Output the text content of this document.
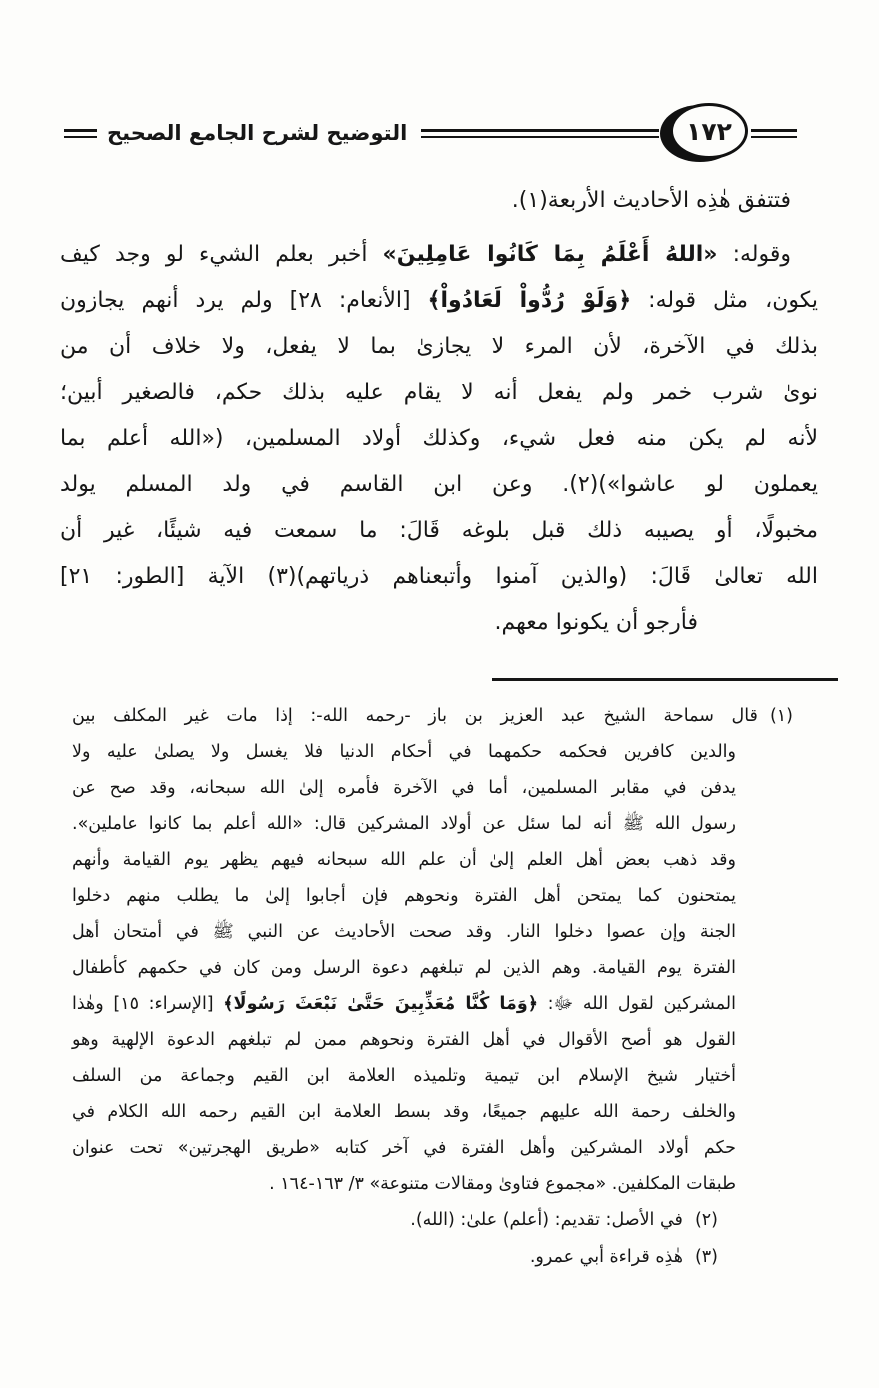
١٧٢
التوضيح لشرح الجامع الصحيح
فتتفق هٰذِه الأحاديث الأربعة(١).
وقوله: «اللهُ أَعْلَمُ بِمَا كَانُوا عَامِلِينَ» أخبر بعلم الشيء لو وجد كيف
يكون، مثل قوله: ﴿وَلَوْ رُدُّواْ لَعَادُواْ﴾ [الأنعام: ٢٨] ولم يرد أنهم يجازون
بذلك في الآخرة، لأن المرء لا يجازىٰ بما لا يفعل، ولا خلاف أن من
نوىٰ شرب خمر ولم يفعل أنه لا يقام عليه بذلك حكم، فالصغير أبين؛
لأنه لم يكن منه فعل شيء، وكذلك أولاد المسلمين، («الله أعلم بما
يعملون لو عاشوا»)(٢). وعن ابن القاسم في ولد المسلم يولد
مخبولًا، أو يصيبه ذلك قبل بلوغه قَالَ: ما سمعت فيه شيئًا، غير أن
الله تعالىٰ قَالَ: (والذين آمنوا وأتبعناهم ذرياتهم)(٣) الآية [الطور: ٢١]
فأرجو أن يكونوا معهم.
(١)قال سماحة الشيخ عبد العزيز بن باز -رحمه الله-: إذا مات غير المكلف بين
والدين كافرين فحكمه حكمهما في أحكام الدنيا فلا يغسل ولا يصلىٰ عليه ولا
يدفن في مقابر المسلمين، أما في الآخرة فأمره إلىٰ الله سبحانه، وقد صح عن
رسول الله ﷺ أنه لما سئل عن أولاد المشركين قال: «الله أعلم بما كانوا عاملين».
وقد ذهب بعض أهل العلم إلىٰ أن علم الله سبحانه فيهم يظهر يوم القيامة وأنهم
يمتحنون كما يمتحن أهل الفترة ونحوهم فإن أجابوا إلىٰ ما يطلب منهم دخلوا
الجنة وإن عصوا دخلوا النار. وقد صحت الأحاديث عن النبي ﷺ في أمتحان أهل
الفترة يوم القيامة. وهم الذين لم تبلغهم دعوة الرسل ومن كان في حكمهم كأطفال
المشركين لقول الله ﷻ: ﴿وَمَا كُنَّا مُعَذِّبِينَ حَتَّىٰ نَبْعَثَ رَسُولًا﴾ [الإسراء: ١٥] وهٰذا
القول هو أصح الأقوال في أهل الفترة ونحوهم ممن لم تبلغهم الدعوة الإلهية وهو
أختيار شيخ الإسلام ابن تيمية وتلميذه العلامة ابن القيم وجماعة من السلف
والخلف رحمة الله عليهم جميعًا، وقد بسط العلامة ابن القيم رحمه الله الكلام في
حكم أولاد المشركين وأهل الفترة في آخر كتابه «طريق الهجرتين» تحت عنوان
طبقات المكلفين. «مجموع فتاوىٰ ومقالات متنوعة» ٣/ ١٦٣-١٦٤ .
(٢)في الأصل: تقديم: (أعلم) علىٰ: (الله).
(٣)هٰذِه قراءة أبي عمرو.
